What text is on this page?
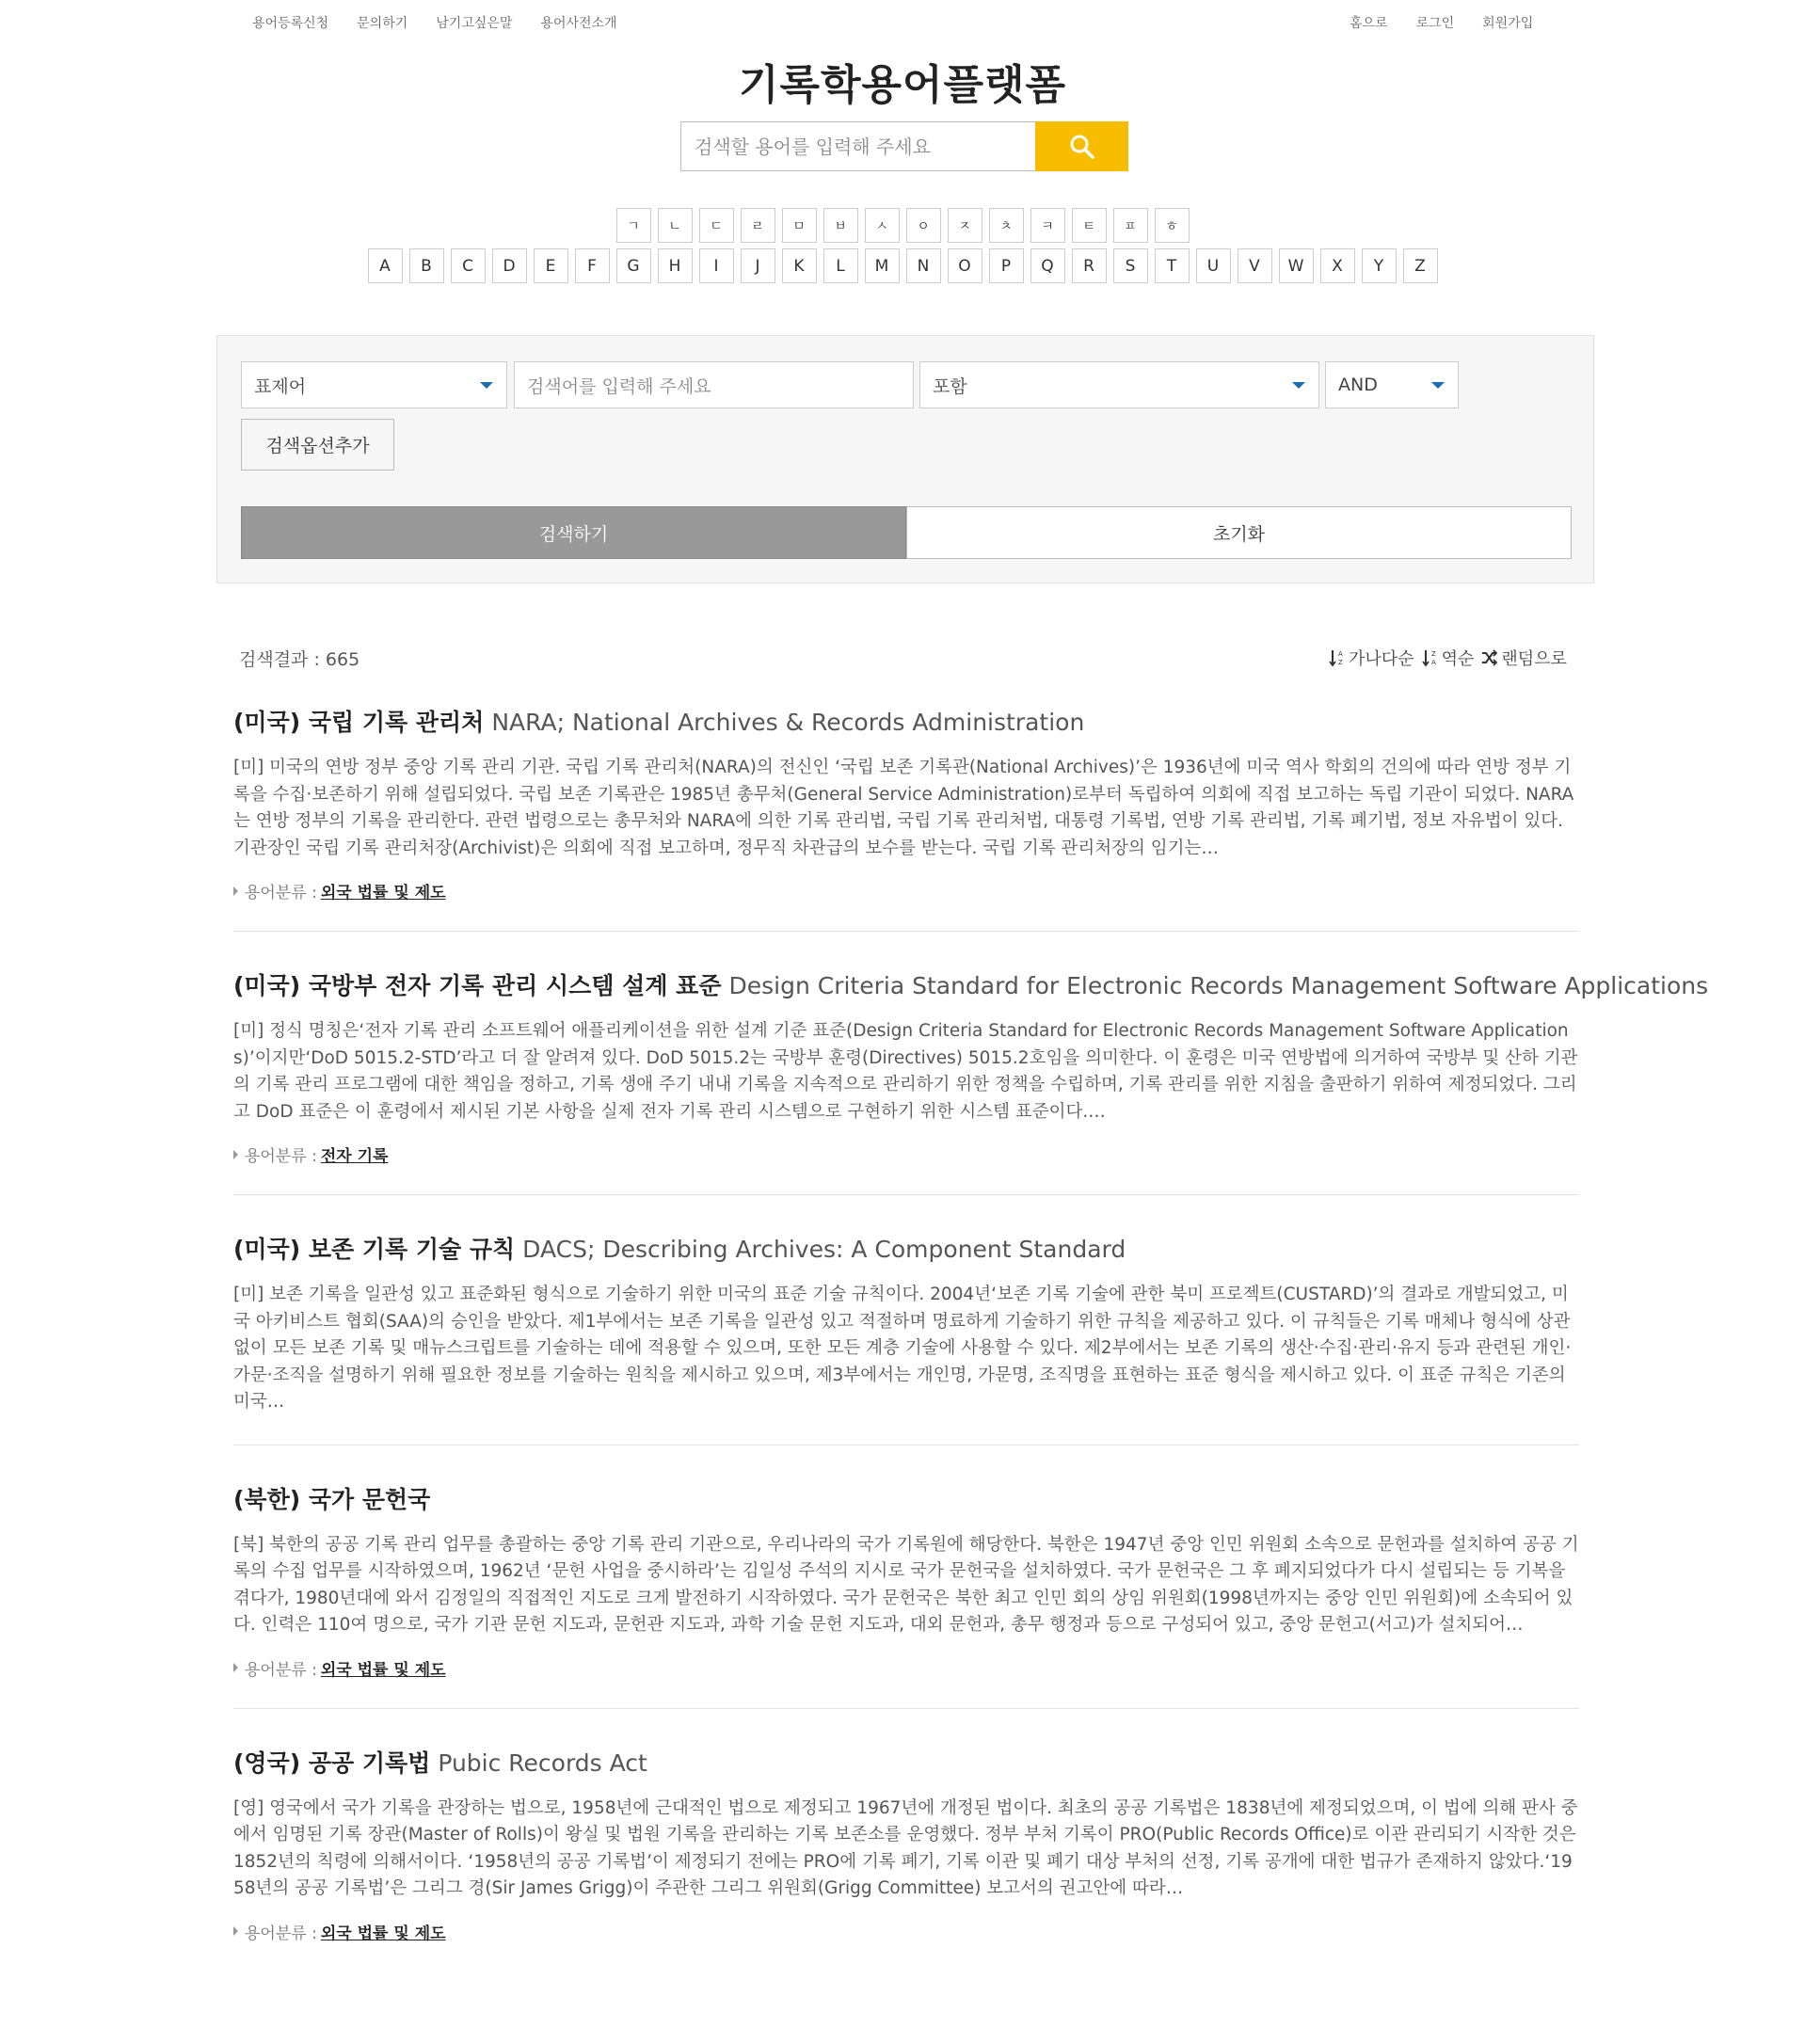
용어등록신청 문의하기 남기고싶은말 용어사전소개	홈으로 로그인 회원가입
기록학용어플랫폼
검색할 용어를 입력해 주세요
ㄱ	ㄴ	ㄷ	ㄹ	ㅁ	ㅂ	ㅅ	ㅇ	ㅈ	ㅊ	ㅋ	ㅌ	ㅍ	ㅎ
A	B	C	D	E	F	G	H	I	J	K	L	M	N	O	P	Q	R	S	T	U	V	W	X	Y	Z
표제어	검색어를 입력해 주세요	포함	AND
검색옵션추가
검색하기	초기화
검색결과 : 665	A
Z 가나다순	Z
A 역순 랜덤으로
(미국) 국립 기록 관리처 NARA; National Archives & Records Administration
[미] 미국의 연방 정부 중앙 기록 관리 기관. 국립 기록 관리처(NARA)의 전신인 ‘국립 보존 기록관(National Archives)’은 1936년에 미국 역사 학회의 건의에 따라 연방 정부 기록을 수집·보존하기 위해 설립되었다. 국립 보존 기록관은 1985년 총무처(General Service Administration)로부터 독립하여 의회에 직접 보고하는 독립 기관이 되었다. NARA는 연방 정부의 기록을 관리한다. 관련 법령으로는 총무처와 NARA에 의한 기록 관리법, 국립 기록 관리처법, 대통령 기록법, 연방 기록 관리법, 기록 폐기법, 정보 자유법이 있다. 기관장인 국립 기록 관리처장(Archivist)은 의회에 직접 보고하며, 정무직 차관급의 보수를 받는다. 국립 기록 관리처장의 임기는…
용어분류 : 외국 법률 및 제도
(미국) 국방부 전자 기록 관리 시스템 설계 표준 Design Criteria Standard for Electronic Records Management Software Applications
[미] 정식 명칭은‘전자 기록 관리 소프트웨어 애플리케이션을 위한 설계 기준 표준(Design Criteria Standard for Electronic Records Management Software Applications)’이지만‘DoD 5015.2-STD’라고 더 잘 알려져 있다. DoD 5015.2는 국방부 훈령(Directives) 5015.2호임을 의미한다. 이 훈령은 미국 연방법에 의거하여 국방부 및 산하 기관의 기록 관리 프로그램에 대한 책임을 정하고, 기록 생애 주기 내내 기록을 지속적으로 관리하기 위한 정책을 수립하며, 기록 관리를 위한 지침을 출판하기 위하여 제정되었다. 그리고 DoD 표준은 이 훈령에서 제시된 기본 사항을 실제 전자 기록 관리 시스템으로 구현하기 위한 시스템 표준이다.…
용어분류 : 전자 기록
(미국) 보존 기록 기술 규칙 DACS; Describing Archives: A Component Standard
[미] 보존 기록을 일관성 있고 표준화된 형식으로 기술하기 위한 미국의 표준 기술 규칙이다. 2004년‘보존 기록 기술에 관한 북미 프로젝트(CUSTARD)’의 결과로 개발되었고, 미국 아키비스트 협회(SAA)의 승인을 받았다. 제1부에서는 보존 기록을 일관성 있고 적절하며 명료하게 기술하기 위한 규칙을 제공하고 있다. 이 규칙들은 기록 매체나 형식에 상관없이 모든 보존 기록 및 매뉴스크립트를 기술하는 데에 적용할 수 있으며, 또한 모든 계층 기술에 사용할 수 있다. 제2부에서는 보존 기록의 생산·수집·관리·유지 등과 관련된 개인·가문·조직을 설명하기 위해 필요한 정보를 기술하는 원칙을 제시하고 있으며, 제3부에서는 개인명, 가문명, 조직명을 표현하는 표준 형식을 제시하고 있다. 이 표준 규칙은 기존의 미국…
(북한) 국가 문헌국
[북] 북한의 공공 기록 관리 업무를 총괄하는 중앙 기록 관리 기관으로, 우리나라의 국가 기록원에 해당한다. 북한은 1947년 중앙 인민 위원회 소속으로 문헌과를 설치하여 공공 기록의 수집 업무를 시작하였으며, 1962년 ‘문헌 사업을 중시하라’는 김일성 주석의 지시로 국가 문헌국을 설치하였다. 국가 문헌국은 그 후 폐지되었다가 다시 설립되는 등 기복을 겪다가, 1980년대에 와서 김정일의 직접적인 지도로 크게 발전하기 시작하였다. 국가 문헌국은 북한 최고 인민 회의 상임 위원회(1998년까지는 중앙 인민 위원회)에 소속되어 있다. 인력은 110여 명으로, 국가 기관 문헌 지도과, 문헌관 지도과, 과학 기술 문헌 지도과, 대외 문헌과, 총무 행정과 등으로 구성되어 있고, 중앙 문헌고(서고)가 설치되어…
용어분류 : 외국 법률 및 제도
(영국) 공공 기록법 Pubic Records Act
[영] 영국에서 국가 기록을 관장하는 법으로, 1958년에 근대적인 법으로 제정되고 1967년에 개정된 법이다. 최초의 공공 기록법은 1838년에 제정되었으며, 이 법에 의해 판사 중에서 임명된 기록 장관(Master of Rolls)이 왕실 및 법원 기록을 관리하는 기록 보존소를 운영했다. 정부 부처 기록이 PRO(Public Records Office)로 이관 관리되기 시작한 것은 1852년의 칙령에 의해서이다. ‘1958년의 공공 기록법’이 제정되기 전에는 PRO에 기록 폐기, 기록 이관 및 폐기 대상 부처의 선정, 기록 공개에 대한 법규가 존재하지 않았다.‘1958년의 공공 기록법’은 그리그 경(Sir James Grigg)이 주관한 그리그 위원회(Grigg Committee) 보고서의 권고안에 따라…
용어분류 : 외국 법률 및 제도
